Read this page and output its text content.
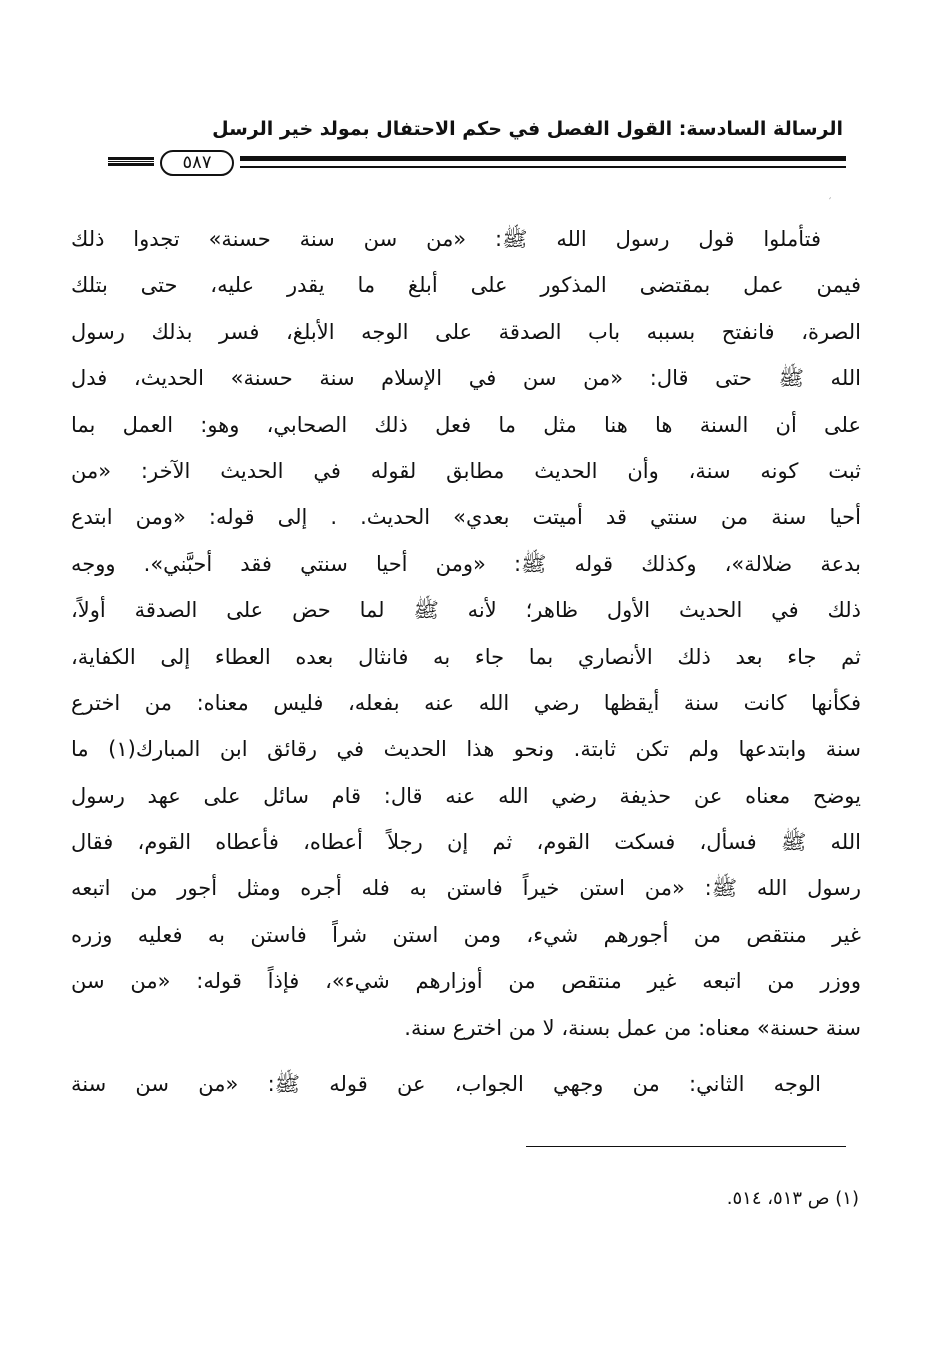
الرسالة السادسة: القول الفصل في حكم الاحتفال بمولد خير الرسل
٥٨٧
′
فتأملوا قول رسول الله ﷺ: «من سن سنة حسنة» تجدوا ذلك
فيمن عمل بمقتضى المذكور على أبلغ ما يقدر عليه، حتى بتلك
الصرة، فانفتح بسببه باب الصدقة على الوجه الأبلغ، فسر بذلك رسول
الله ﷺ حتى قال: «من سن في الإسلام سنة حسنة» الحديث، فدل
على أن السنة ها هنا مثل ما فعل ذلك الصحابي، وهو: العمل بما
ثبت كونه سنة، وأن الحديث مطابق لقوله في الحديث الآخر: «من
أحيا سنة من سنتي قد أميتت بعدي» الحديث. . إلى قوله: «ومن ابتدع
بدعة ضلالة»، وكذلك قوله ﷺ: «ومن أحيا سنتي فقد أحبَّني». ووجه
ذلك في الحديث الأول ظاهر؛ لأنه ﷺ لما حض على الصدقة أولاً،
ثم جاء بعد ذلك الأنصاري بما جاء به فانثال بعده العطاء إلى الكفاية،
فكأنها كانت سنة أيقظها رضي الله عنه بفعله، فليس معناه: من اخترع
سنة وابتدعها ولم تكن ثابتة. ونحو هذا الحديث في رقائق ابن المبارك(١) ما
يوضح معناه عن حذيفة رضي الله عنه قال: قام سائل على عهد رسول
الله ﷺ فسأل، فسكت القوم، ثم إن رجلاً أعطاه، فأعطاه القوم، فقال
رسول الله ﷺ: «من استن خيراً فاستن به فله أجره ومثل أجور من اتبعه
غير منتقص من أجورهم شيء، ومن استن شراً فاستن به فعليه وزره
ووزر من اتبعه غير منتقص من أوزارهم شيء»، فإذاً قوله: «من سن
سنة حسنة» معناه: من عمل بسنة، لا من اخترع سنة.
الوجه الثاني: من وجهي الجواب، عن قوله ﷺ: «من سن سنة
(١) ص ٥١٣، ٥١٤.
